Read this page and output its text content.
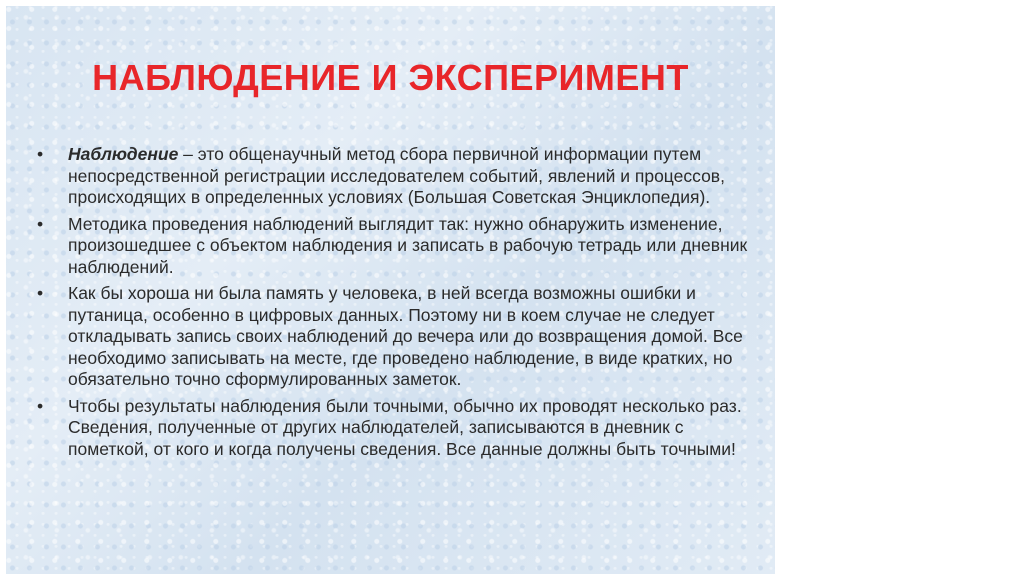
НАБЛЮДЕНИЕ И ЭКСПЕРИМЕНТ
• Наблюдение – это общенаучный метод сбора первичной информации путем непосредственной регистрации исследователем событий, явлений и процессов, происходящих в определенных условиях (Большая Советская Энциклопедия).
• Методика проведения наблюдений выглядит так: нужно обнаружить изменение, произошедшее с объектом наблюдения и записать в рабочую тетрадь или дневник наблюдений.
• Как бы хороша ни была память у человека, в ней всегда возможны ошибки и путаница, особенно в цифровых данных. Поэтому ни в коем случае не следует откладывать запись своих наблюдений до вечера или до возвращения домой. Все необходимо записывать на месте, где проведено наблюдение, в виде кратких, но обязательно точно сформулированных заметок.
• Чтобы результаты наблюдения были точными, обычно их проводят несколько раз. Сведения, полученные от других наблюдателей, записываются в дневник с пометкой, от кого и когда получены сведения. Все данные должны быть точными!
